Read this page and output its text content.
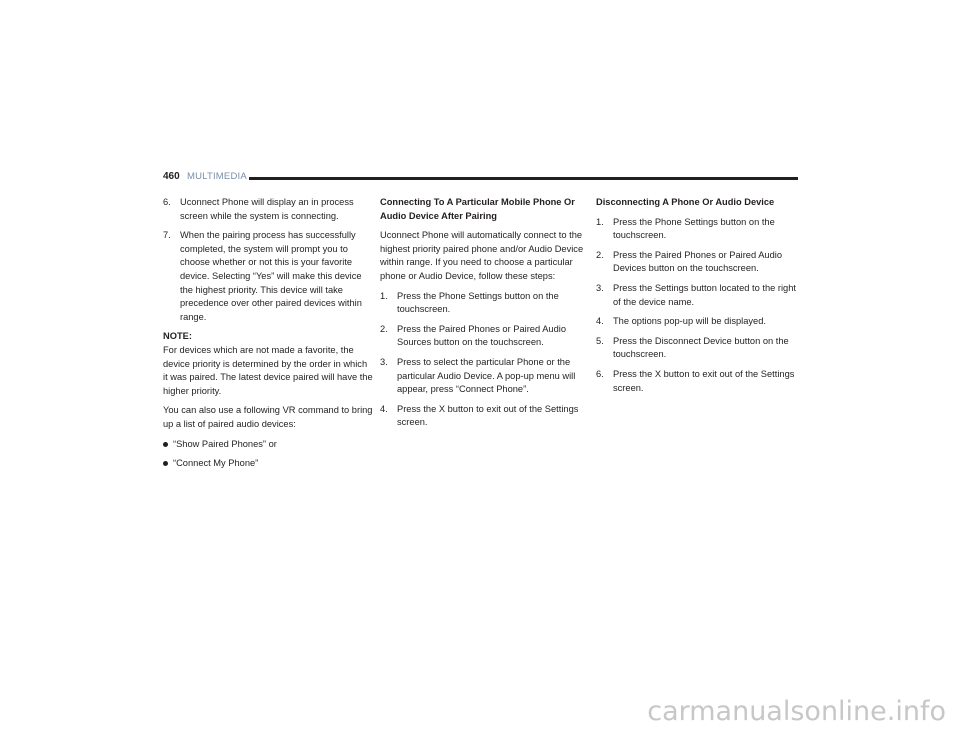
460 MULTIMEDIA
6. Uconnect Phone will display an in process screen while the system is connecting.
7. When the pairing process has successfully completed, the system will prompt you to choose whether or not this is your favorite device. Selecting “Yes” will make this device the highest priority. This device will take precedence over other paired devices within range.

NOTE:

For devices which are not made a favorite, the device priority is determined by the order in which it was paired. The latest device paired will have the higher priority.

You can also use a following VR command to bring up a list of paired audio devices:

“Show Paired Phones” or
“Connect My Phone”

Connecting To A Particular Mobile Phone Or Audio Device After Pairing

Uconnect Phone will automatically connect to the highest priority paired phone and/or Audio Device within range. If you need to choose a particular phone or Audio Device, follow these steps:

1. Press the Phone Settings button on the touchscreen.
2. Press the Paired Phones or Paired Audio Sources button on the touchscreen.
3. Press to select the particular Phone or the particular Audio Device. A pop-up menu will appear, press “Connect Phone”.
4. Press the X button to exit out of the Settings screen.

Disconnecting A Phone Or Audio Device

1. Press the Phone Settings button on the touchscreen.
2. Press the Paired Phones or Paired Audio Devices button on the touchscreen.
3. Press the Settings button located to the right of the device name.
4. The options pop-up will be displayed.
5. Press the Disconnect Device button on the touchscreen.
6. Press the X button to exit out of the Settings screen.
carmanualsonline.info
